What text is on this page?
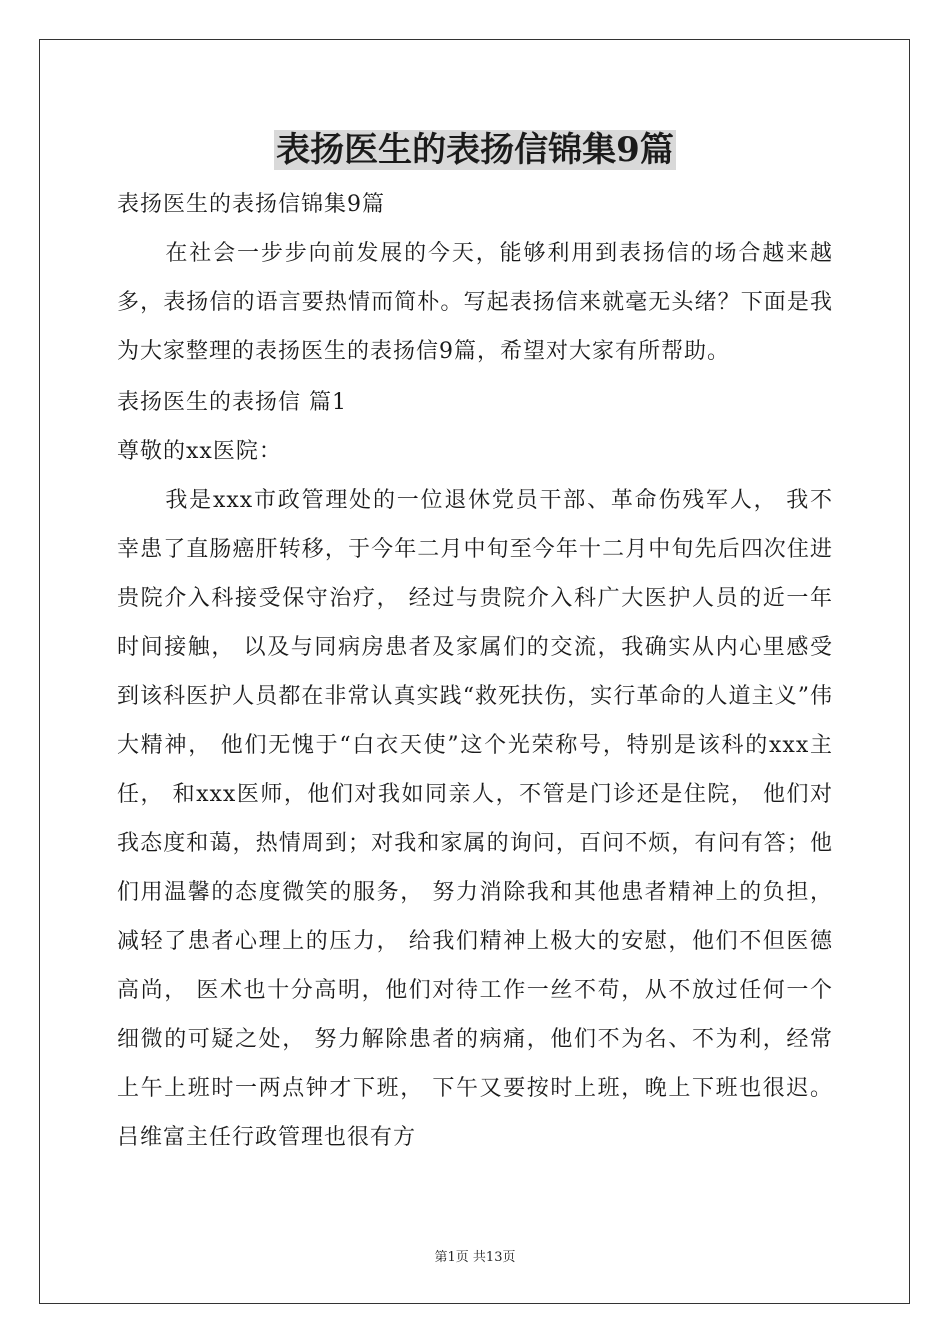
表扬医生的表扬信锦集9篇

表扬医生的表扬信锦集9篇

在社会一步步向前发展的今天，能够利用到表扬信的场合越来越多，表扬信的语言要热情而简朴。写起表扬信来就毫无头绪？下面是我为大家整理的表扬医生的表扬信9篇，希望对大家有所帮助。

表扬医生的表扬信 篇1

尊敬的xx医院：

我是xxx市政管理处的一位退休党员干部、革命伤残军人， 我不幸患了直肠癌肝转移，于今年二月中旬至今年十二月中旬先后四次住进贵院介入科接受保守治疗， 经过与贵院介入科广大医护人员的近一年时间接触， 以及与同病房患者及家属们的交流，我确实从内心里感受到该科医护人员都在非常认真实践“救死扶伤，实行革命的人道主义”伟大精神， 他们无愧于“白衣天使”这个光荣称号，特别是该科的xxx主任， 和xxx医师，他们对我如同亲人，不管是门诊还是住院， 他们对我态度和蔼，热情周到；对我和家属的询问，百问不烦，有问有答；他们用温馨的态度微笑的服务， 努力消除我和其他患者精神上的负担，减轻了患者心理上的压力， 给我们精神上极大的安慰，他们不但医德高尚， 医术也十分高明，他们对待工作一丝不苟，从不放过任何一个细微的可疑之处， 努力解除患者的病痛，他们不为名、不为利，经常上午上班时一两点钟才下班， 下午又要按时上班，晚上下班也很迟。 吕维富主任行政管理也很有方

第1页 共13页
